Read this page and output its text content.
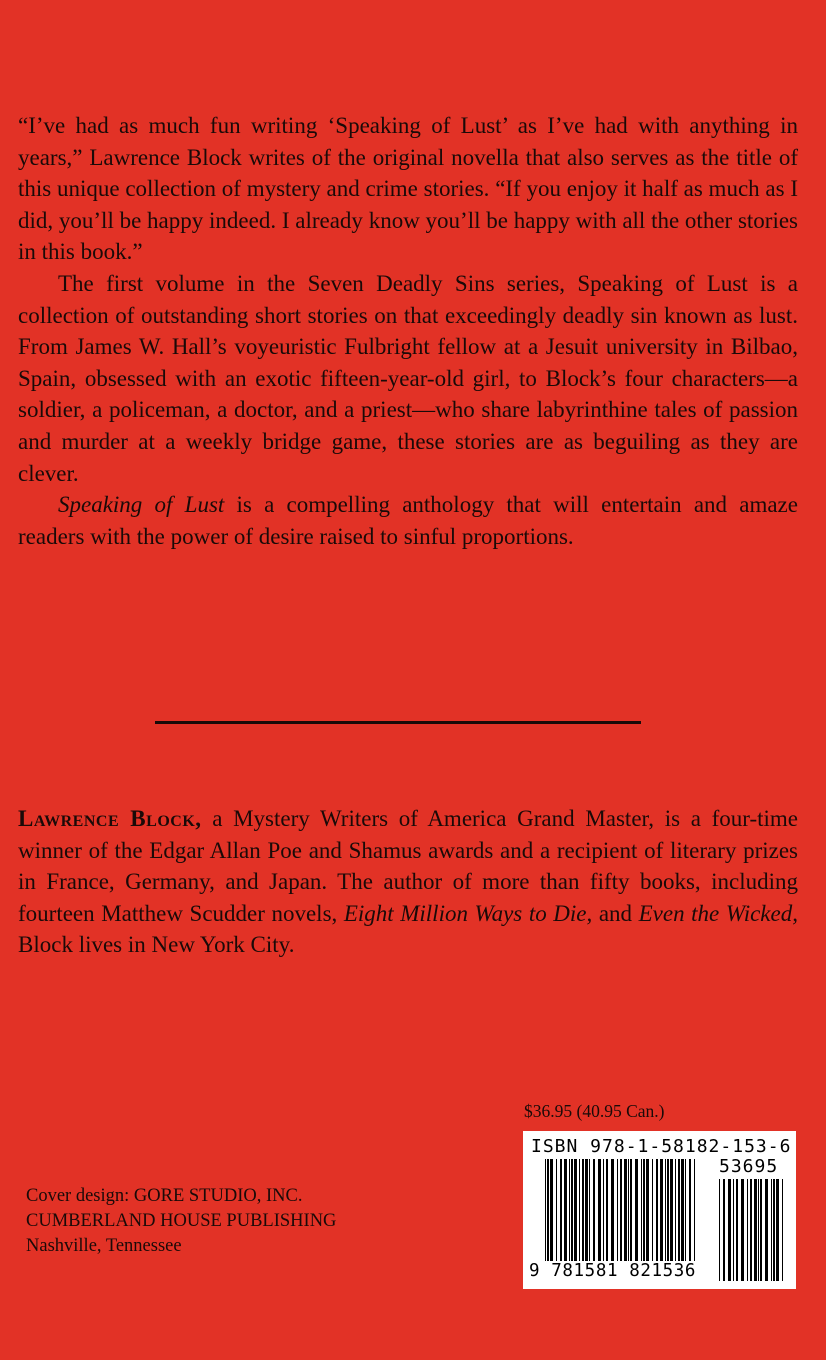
“I’ve had as much fun writing ‘Speaking of Lust’ as I’ve had with anything in years,” Lawrence Block writes of the original novella that also serves as the title of this unique collection of mystery and crime stories. “If you enjoy it half as much as I did, you’ll be happy indeed. I already know you’ll be happy with all the other stories in this book.”

The first volume in the Seven Deadly Sins series, Speaking of Lust is a collection of outstanding short stories on that exceedingly deadly sin known as lust. From James W. Hall’s voyeuristic Fulbright fellow at a Jesuit university in Bilbao, Spain, obsessed with an exotic fifteen-year-old girl, to Block’s four characters—a soldier, a policeman, a doctor, and a priest—who share labyrinthine tales of passion and murder at a weekly bridge game, these stories are as beguiling as they are clever.

Speaking of Lust is a compelling anthology that will entertain and amaze readers with the power of desire raised to sinful proportions.

Lawrence Block, a Mystery Writers of America Grand Master, is a four-time winner of the Edgar Allan Poe and Shamus awards and a recipient of literary prizes in France, Germany, and Japan. The author of more than fifty books, including fourteen Matthew Scudder novels, Eight Million Ways to Die, and Even the Wicked, Block lives in New York City.

Cover design: GORE STUDIO, INC.
CUMBERLAND HOUSE PUBLISHING
Nashville, Tennessee
$36.95 (40.95 Can.)
ISBN 978-1-58182-153-6
53695
9 781581 821536
